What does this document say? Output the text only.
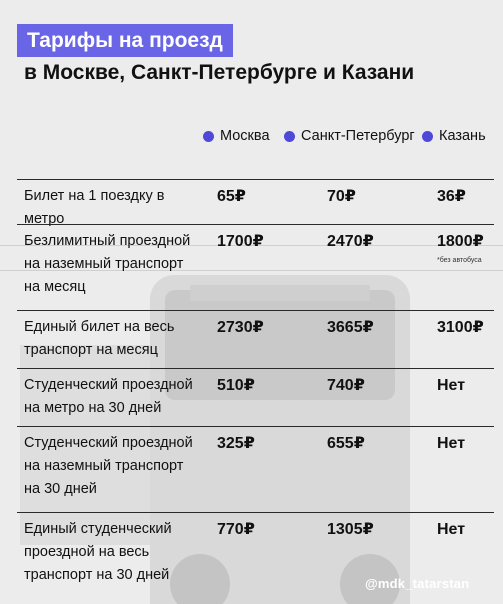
Тарифы на проезд
в Москве, Санкт-Петербурге и Казани
Москва Санкт-Петербург Казань
Билет на 1 поездку в метро
65₽	70₽	36₽
Безлимитный проездной на наземный транспорт на месяц
1700₽	2470₽	1800₽
*без автобуса
Единый билет на весь транспорт на месяц
2730₽	3665₽	3100₽
Студенческий проездной на метро на 30 дней
510₽	740₽	Нет
Студенческий проездной на наземный транспорт на 30 дней
325₽	655₽	Нет
Единый студенческий проездной на весь транспорт на 30 дней
770₽	1305₽	Нет
@mdk_tatarstan
